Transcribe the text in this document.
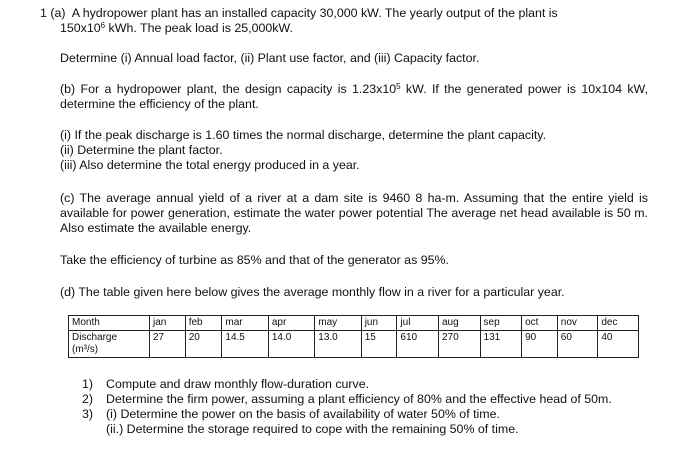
1 (a) A hydropower plant has an installed capacity 30,000 kW. The yearly output of the plant is
$150x10^6$ kWh. The peak load is 25,000kW.
Determine (i) Annual load factor, (ii) Plant use factor, and (iii) Capacity factor.
(b) For a hydropower plant, the design capacity is $1.23x10^5$ kW. If the generated power is 10x104 kW, determine the efficiency of the plant.
(i) If the peak discharge is 1.60 times the normal discharge, determine the plant capacity.
(ii) Determine the plant factor.
(iii) Also determine the total energy produced in a year.
(c) The average annual yield of a river at a dam site is 9460 8 ha-m. Assuming that the entire yield is available for power generation, estimate the water power potential The average net head available is 50 m. Also estimate the available energy.
Take the efficiency of turbine as 85% and that of the generator as 95%.
(d) The table given here below gives the average monthly flow in a river for a particular year.
Month	jan	feb	mar	apr	may	jun	jul	aug	sep	oct	nov	dec

Discharge
(m³/s)	27	20	14.5	14.0	13.0	15	610	270	131	90	60	40
1)	Compute and draw monthly flow-duration curve.
2)	Determine the firm power, assuming a plant efficiency of 80% and the effective head of 50m.
3)	(i) Determine the power on the basis of availability of water 50% of time.
(ii.) Determine the storage required to cope with the remaining 50% of time.
